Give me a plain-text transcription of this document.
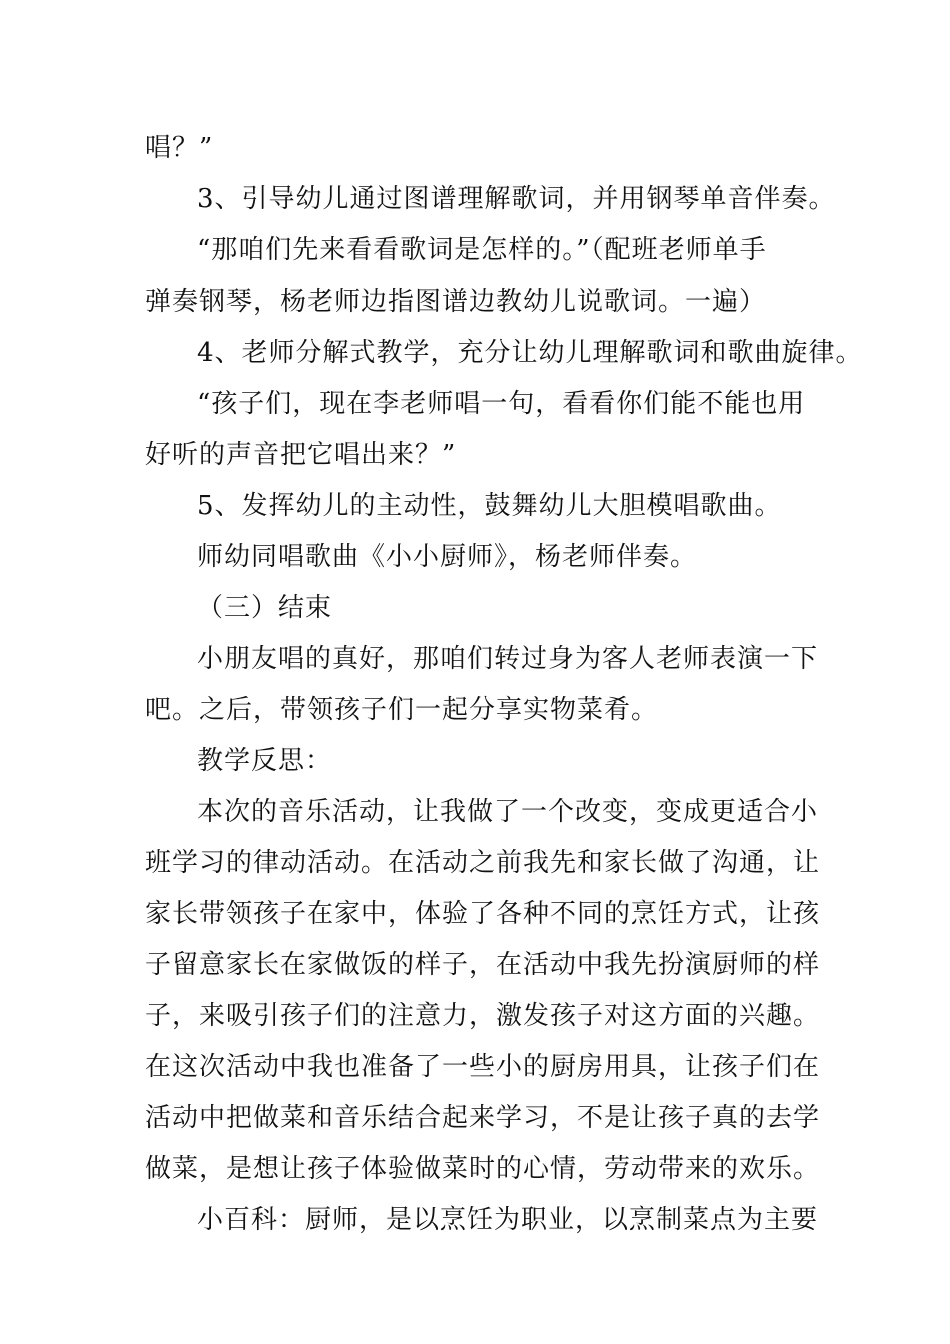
唱？”
3、引导幼儿通过图谱理解歌词，并用钢琴单音伴奏。
“那咱们先来看看歌词是怎样的。”（配班老师单手
弹奏钢琴，杨老师边指图谱边教幼儿说歌词。一遍）
4、老师分解式教学，充分让幼儿理解歌词和歌曲旋律。
“孩子们，现在李老师唱一句，看看你们能不能也用
好听的声音把它唱出来？”
5、发挥幼儿的主动性，鼓舞幼儿大胆模唱歌曲。
师幼同唱歌曲《小小厨师》，杨老师伴奏。
（三）结束
小朋友唱的真好，那咱们转过身为客人老师表演一下
吧。之后，带领孩子们一起分享实物菜肴。
教学反思：
本次的音乐活动，让我做了一个改变，变成更适合小
班学习的律动活动。在活动之前我先和家长做了沟通，让
家长带领孩子在家中，体验了各种不同的烹饪方式，让孩
子留意家长在家做饭的样子，在活动中我先扮演厨师的样
子，来吸引孩子们的注意力，激发孩子对这方面的兴趣。
在这次活动中我也准备了一些小的厨房用具，让孩子们在
活动中把做菜和音乐结合起来学习，不是让孩子真的去学
做菜，是想让孩子体验做菜时的心情，劳动带来的欢乐。
小百科：厨师，是以烹饪为职业，以烹制菜点为主要
